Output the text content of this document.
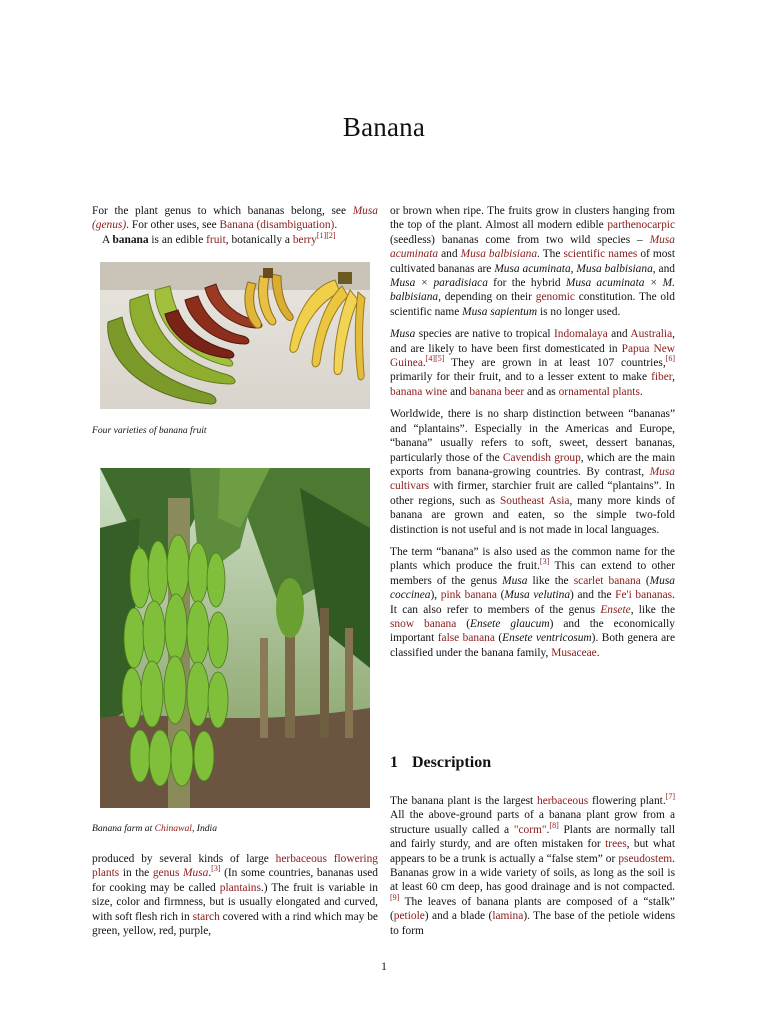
Banana

For the plant genus to which bananas belong, see Musa (genus). For other uses, see Banana (disambiguation).

A banana is an edible fruit, botanically a berry[1][2]

Four varieties of banana fruit
Banana farm at Chinawal, India

produced by several kinds of large herbaceous flowering plants in the genus Musa.[3] (In some countries, bananas used for cooking may be called plantains.) The fruit is variable in size, color and firmness, but is usually elongated and curved, with soft flesh rich in starch covered with a rind which may be green, yellow, red, purple,

or brown when ripe. The fruits grow in clusters hanging from the top of the plant. Almost all modern edible parthenocarpic (seedless) bananas come from two wild species – Musa acuminata and Musa balbisiana. The scientific names of most cultivated bananas are Musa acuminata, Musa balbisiana, and Musa × paradisiaca for the hybrid Musa acuminata × M. balbisiana, depending on their genomic constitution. The old scientific name Musa sapientum is no longer used.

Musa species are native to tropical Indomalaya and Australia, and are likely to have been first domesticated in Papua New Guinea.[4][5] They are grown in at least 107 countries,[6] primarily for their fruit, and to a lesser extent to make fiber, banana wine and banana beer and as ornamental plants.

Worldwide, there is no sharp distinction between “bananas” and “plantains”. Especially in the Americas and Europe, “banana” usually refers to soft, sweet, dessert bananas, particularly those of the Cavendish group, which are the main exports from banana-growing countries. By contrast, Musa cultivars with firmer, starchier fruit are called “plantains”. In other regions, such as Southeast Asia, many more kinds of banana are grown and eaten, so the simple two-fold distinction is not useful and is not made in local languages.

The term “banana” is also used as the common name for the plants which produce the fruit.[3] This can extend to other members of the genus Musa like the scarlet banana (Musa coccinea), pink banana (Musa velutina) and the Fe'i bananas. It can also refer to members of the genus Ensete, like the snow banana (Ensete glaucum) and the economically important false banana (Ensete ventricosum). Both genera are classified under the banana family, Musaceae.

1 Description

The banana plant is the largest herbaceous flowering plant.[7] All the above-ground parts of a banana plant grow from a structure usually called a "corm".[8] Plants are normally tall and fairly sturdy, and are often mistaken for trees, but what appears to be a trunk is actually a “false stem” or pseudostem. Bananas grow in a wide variety of soils, as long as the soil is at least 60 cm deep, has good drainage and is not compacted.[9] The leaves of banana plants are composed of a “stalk” (petiole) and a blade (lamina). The base of the petiole widens to form

1
